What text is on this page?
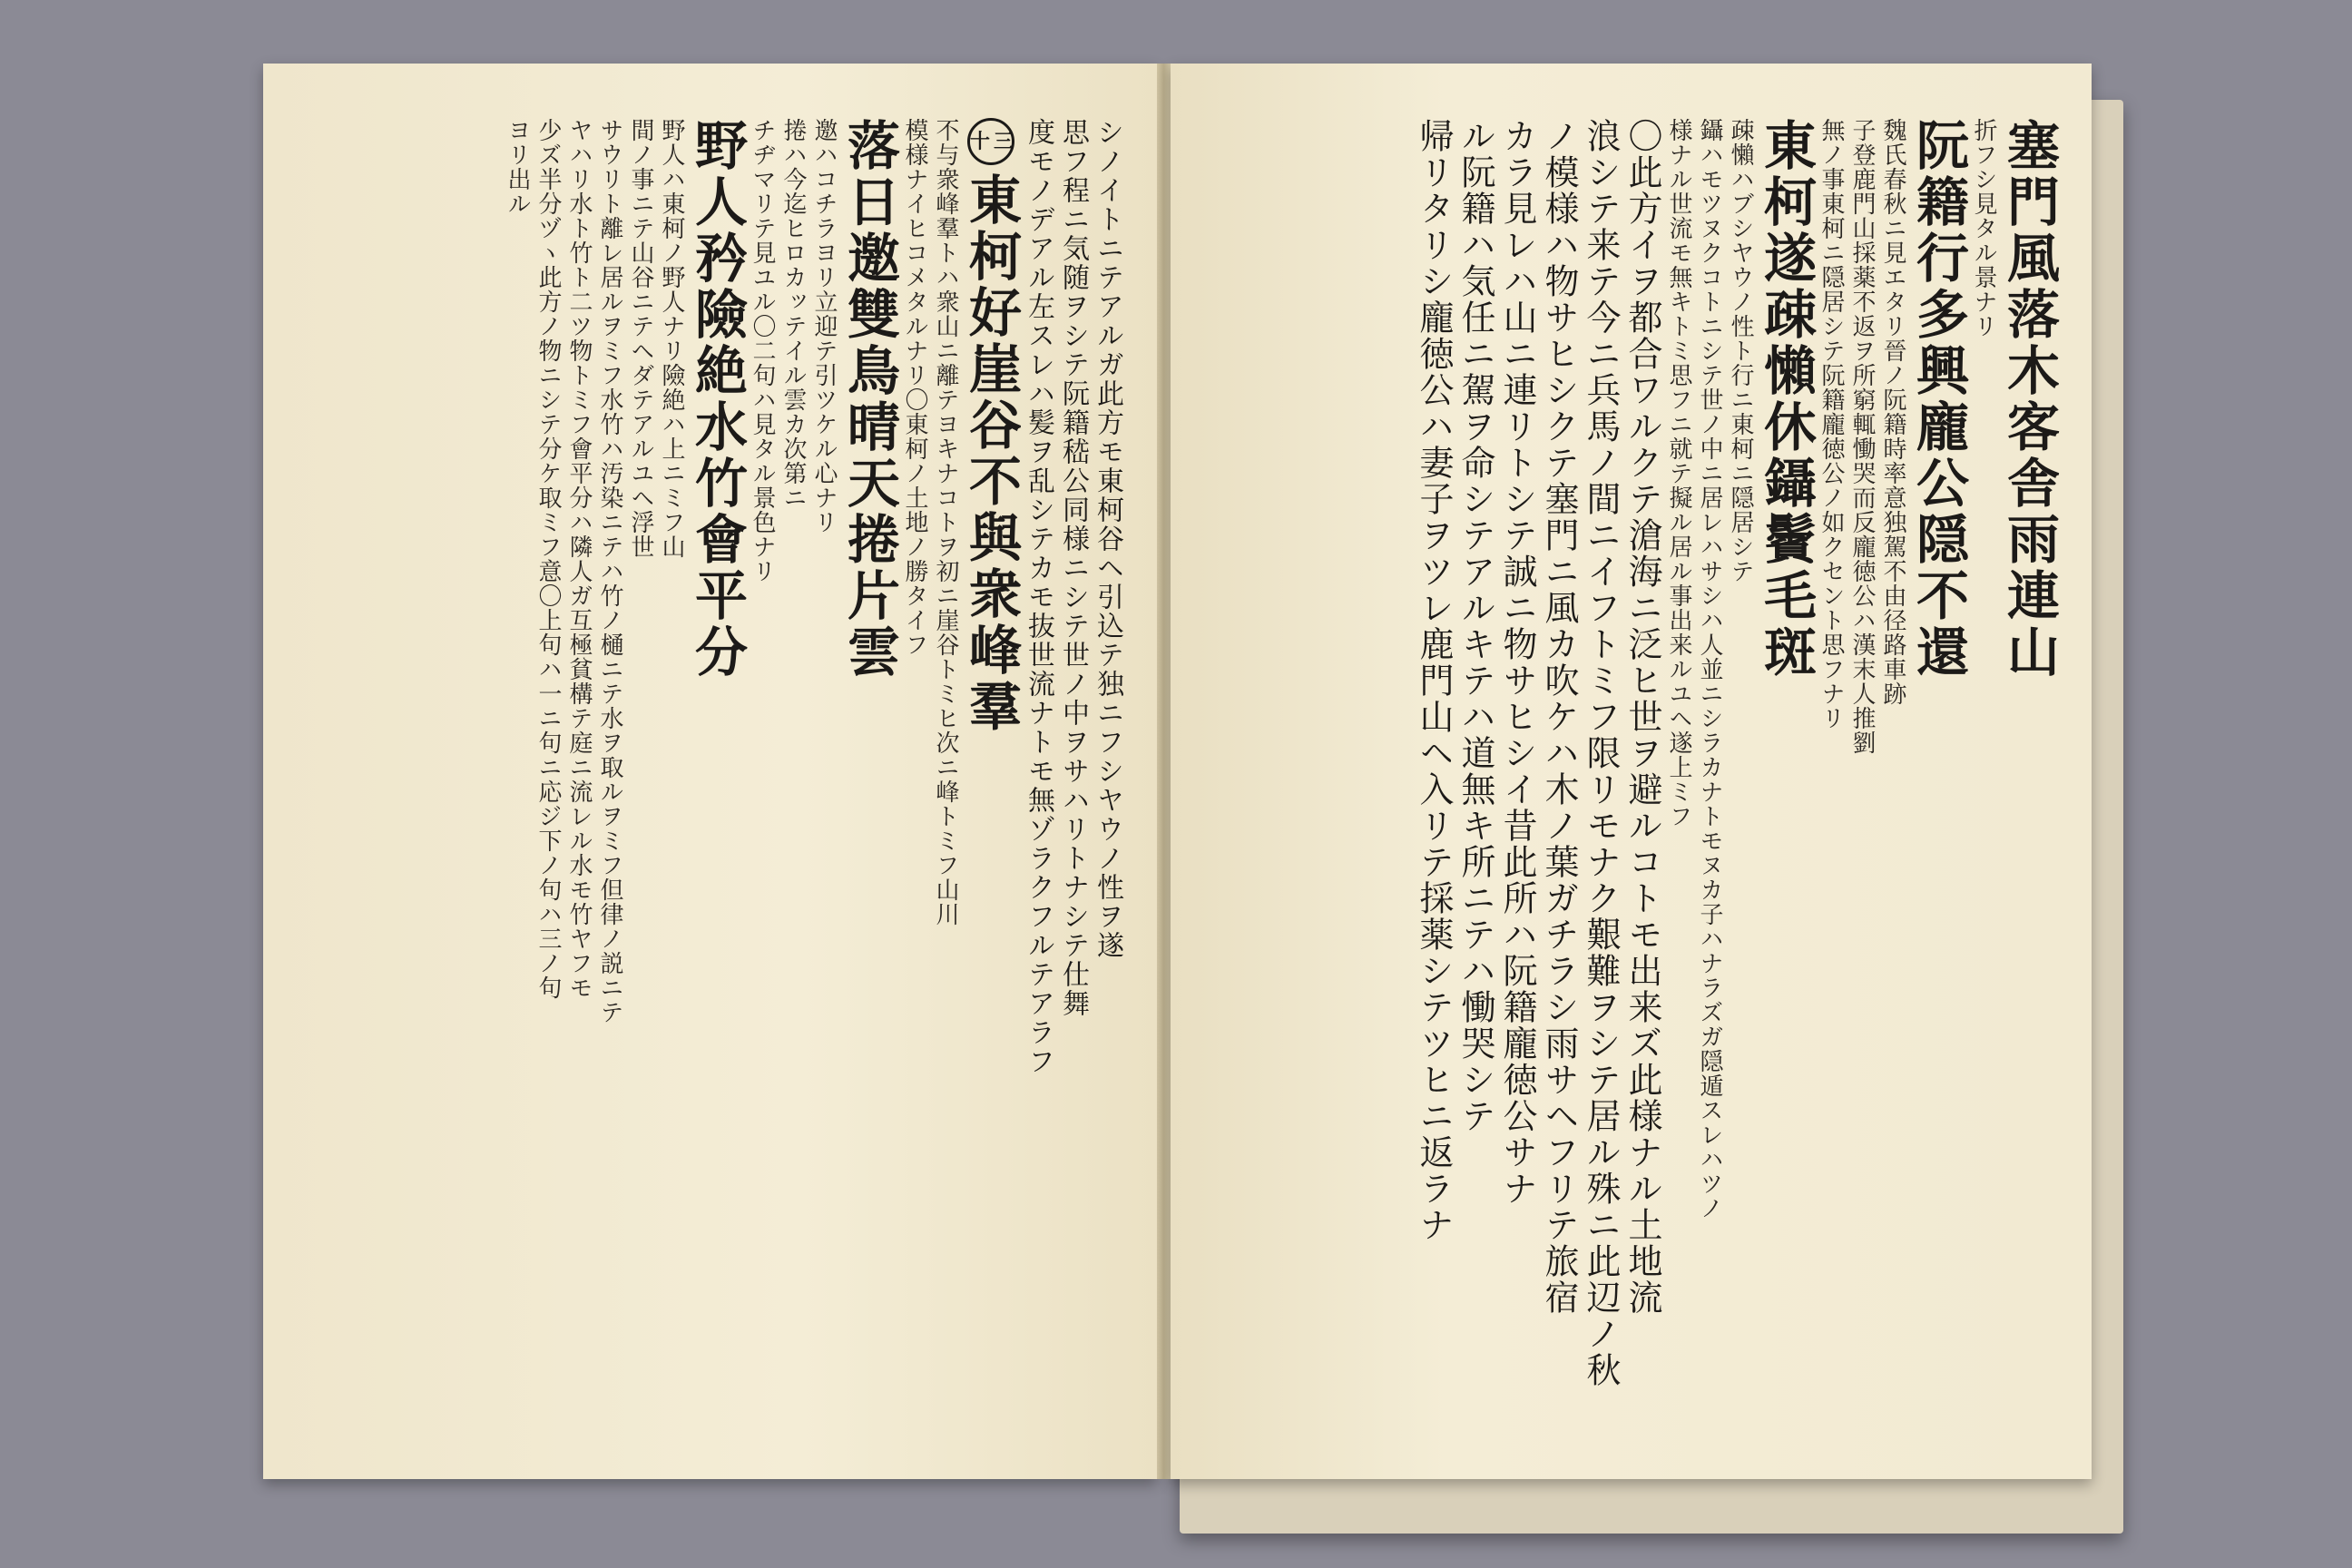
シノイトニテアルガ此方モ東柯谷ヘ引込テ独ニフシヤウノ性ヲ遂
思フ程ニ気随ヲシテ阮籍嵇公同様ニシテ世ノ中ヲサハリトナシテ仕舞
度モノデアル左スレハ髪ヲ乱シテカモ抜世流ナトモ無ゾラクフルテアラフ
十三東柯好崖谷不與衆峰羣
不与衆峰羣トハ衆山ニ離テヨキナコトヲ初ニ崖谷トミヒ次ニ峰トミフ山川
模様ナイヒコメタルナリ〇東柯ノ土地ノ勝タイフ
落日邀雙鳥晴天捲片雲
邀ハコチラヨリ立迎テ引ツケル心ナリ
捲ハ今迄ヒロカッテイル雲カ次第ニ
チヂマリテ見ユル〇二句ハ見タル景色ナリ
野人矜險絶水竹會平分
野人ハ東柯ノ野人ナリ險絶ハ上ニミフ山
間ノ事ニテ山谷ニテヘダテアルユヘ浮世
サウリト離レ居ルヲミフ水竹ハ汚染ニテハ竹ノ樋ニテ水ヲ取ルヲミフ但律ノ説ニテ
ヤハリ水ト竹ト二ツ物トミフ會平分ハ隣人ガ互極貧構テ庭ニ流レル水モ竹ヤフモ
少ズ半分ヅヽ此方ノ物ニシテ分ケ取ミフ意〇上句ハ一ニ句ニ応ジ下ノ句ハ三ノ句
ヨリ出ル	塞門風落木客舎雨連山
折フシ見タル景ナリ
阮籍行多興龐公隠不還
魏氏春秋ニ見エタリ晉ノ阮籍時率意独駕不由径路車跡
子登鹿門山採薬不返ヲ所窮輒慟哭而反龐徳公ハ漢末人推劉
無ノ事東柯ニ隠居シテ阮籍龐徳公ノ如クセント思フナリ
東柯遂疎懶休鑷鬢毛斑
疎懶ハブシヤウノ性ト行ニ東柯ニ隠居シテ
鑷ハモツヌクコトニシテ世ノ中ニ居レハサシハ人並ニシラカナトモヌカ子ハナラズガ隠遁スレハツノ
様ナル世流モ無キトミ思フニ就テ擬ル居ル事出来ルユヘ遂上ミフ
〇此方イヲ都合ワルクテ滄海ニ泛ヒ世ヲ避ルコトモ出来ズ此様ナル土地流
浪シテ来テ今ニ兵馬ノ間ニイフトミフ限リモナク艱難ヲシテ居ル殊ニ此辺ノ秋
ノ模様ハ物サヒシクテ塞門ニ風カ吹ケハ木ノ葉ガチラシ雨サヘフリテ旅宿
カラ見レハ山ニ連リトシテ誠ニ物サヒシイ昔此所ハ阮籍龐徳公サナ
ル阮籍ハ気任ニ駕ヲ命シテアルキテハ道無キ所ニテハ慟哭シテ
帰リタリシ龐徳公ハ妻子ヲツレ鹿門山ヘ入リテ採薬シテツヒニ返ラナ
